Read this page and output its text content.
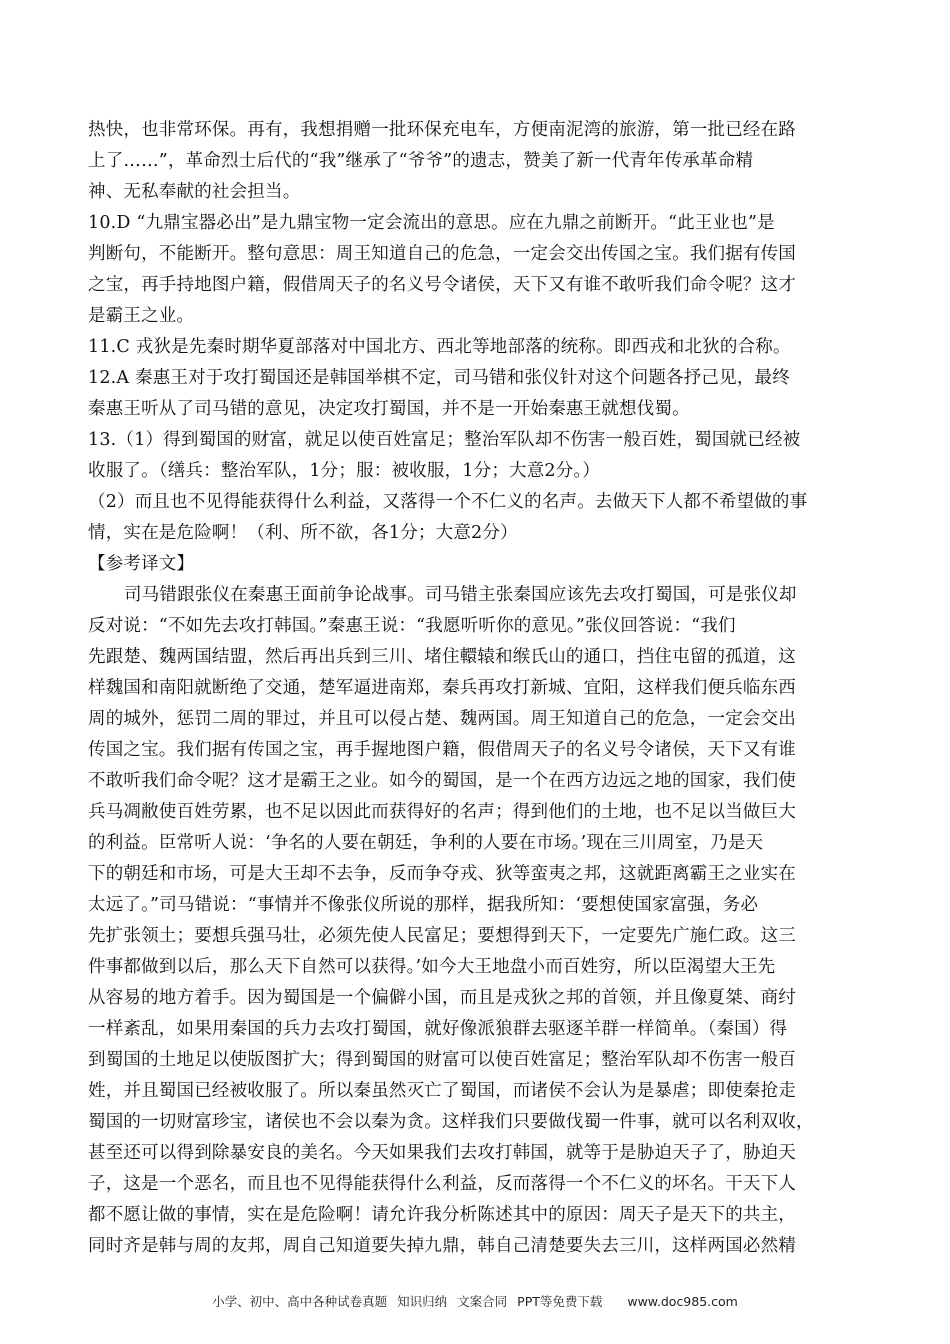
热快，也非常环保。再有，我想捐赠一批环保充电车，方便南泥湾的旅游，第一批已经在路
上了……”，革命烈士后代的“我”继承了“爷爷”的遗志，赞美了新一代青年传承革命精
神、无私奉献的社会担当。
10.D “九鼎宝器必出”是九鼎宝物一定会流出的意思。应在九鼎之前断开。“此王业也”是
判断句，不能断开。整句意思：周王知道自己的危急，一定会交出传国之宝。我们据有传国
之宝，再手持地图户籍，假借周天子的名义号令诸侯，天下又有谁不敢听我们命令呢？这才
是霸王之业。
11.C 戎狄是先秦时期华夏部落对中国北方、西北等地部落的统称。即西戎和北狄的合称。
12.A 秦惠王对于攻打蜀国还是韩国举棋不定，司马错和张仪针对这个问题各抒己见，最终
秦惠王听从了司马错的意见，决定攻打蜀国，并不是一开始秦惠王就想伐蜀。
13.（1）得到蜀国的财富，就足以使百姓富足；整治军队却不伤害一般百姓，蜀国就已经被
收服了。（缮兵：整治军队，1分；服：被收服，1分；大意2分。）
（2）而且也不见得能获得什么利益，又落得一个不仁义的名声。去做天下人都不希望做的事
情，实在是危险啊！（利、所不欲，各1分；大意2分）
【参考译文】
司马错跟张仪在秦惠王面前争论战事。司马错主张秦国应该先去攻打蜀国，可是张仪却
反对说：“不如先去攻打韩国。”秦惠王说：“我愿听听你的意见。”张仪回答说：“我们
先跟楚、魏两国结盟，然后再出兵到三川、堵住轘辕和缑氏山的通口，挡住屯留的孤道，这
样魏国和南阳就断绝了交通，楚军逼进南郑，秦兵再攻打新城、宜阳，这样我们便兵临东西
周的城外，惩罚二周的罪过，并且可以侵占楚、魏两国。周王知道自己的危急，一定会交出
传国之宝。我们据有传国之宝，再手握地图户籍，假借周天子的名义号令诸侯，天下又有谁
不敢听我们命令呢？这才是霸王之业。如今的蜀国，是一个在西方边远之地的国家，我们使
兵马凋敝使百姓劳累，也不足以因此而获得好的名声；得到他们的土地，也不足以当做巨大
的利益。臣常听人说：‘争名的人要在朝廷，争利的人要在市场。’现在三川周室，乃是天
下的朝廷和市场，可是大王却不去争，反而争夺戎、狄等蛮夷之邦，这就距离霸王之业实在
太远了。”司马错说：“事情并不像张仪所说的那样，据我所知：‘要想使国家富强，务必
先扩张领土；要想兵强马壮，必须先使人民富足；要想得到天下，一定要先广施仁政。这三
件事都做到以后，那么天下自然可以获得。’如今大王地盘小而百姓穷，所以臣渴望大王先
从容易的地方着手。因为蜀国是一个偏僻小国，而且是戎狄之邦的首领，并且像夏桀、商纣
一样紊乱，如果用秦国的兵力去攻打蜀国，就好像派狼群去驱逐羊群一样简单。（秦国）得
到蜀国的土地足以使版图扩大；得到蜀国的财富可以使百姓富足；整治军队却不伤害一般百
姓，并且蜀国已经被收服了。所以秦虽然灭亡了蜀国，而诸侯不会认为是暴虐；即使秦抢走
蜀国的一切财富珍宝，诸侯也不会以秦为贪。这样我们只要做伐蜀一件事，就可以名利双收，
甚至还可以得到除暴安良的美名。今天如果我们去攻打韩国，就等于是胁迫天子了，胁迫天
子，这是一个恶名，而且也不见得能获得什么利益，反而落得一个不仁义的坏名。干天下人
都不愿让做的事情，实在是危险啊！请允许我分析陈述其中的原因：周天子是天下的共主，
同时齐是韩与周的友邦，周自己知道要失掉九鼎，韩自己清楚要失去三川，这样两国必然精
小学、初中、高中各种试卷真题 知识归纳 文案合同 PPT等免费下载 www.doc985.com
